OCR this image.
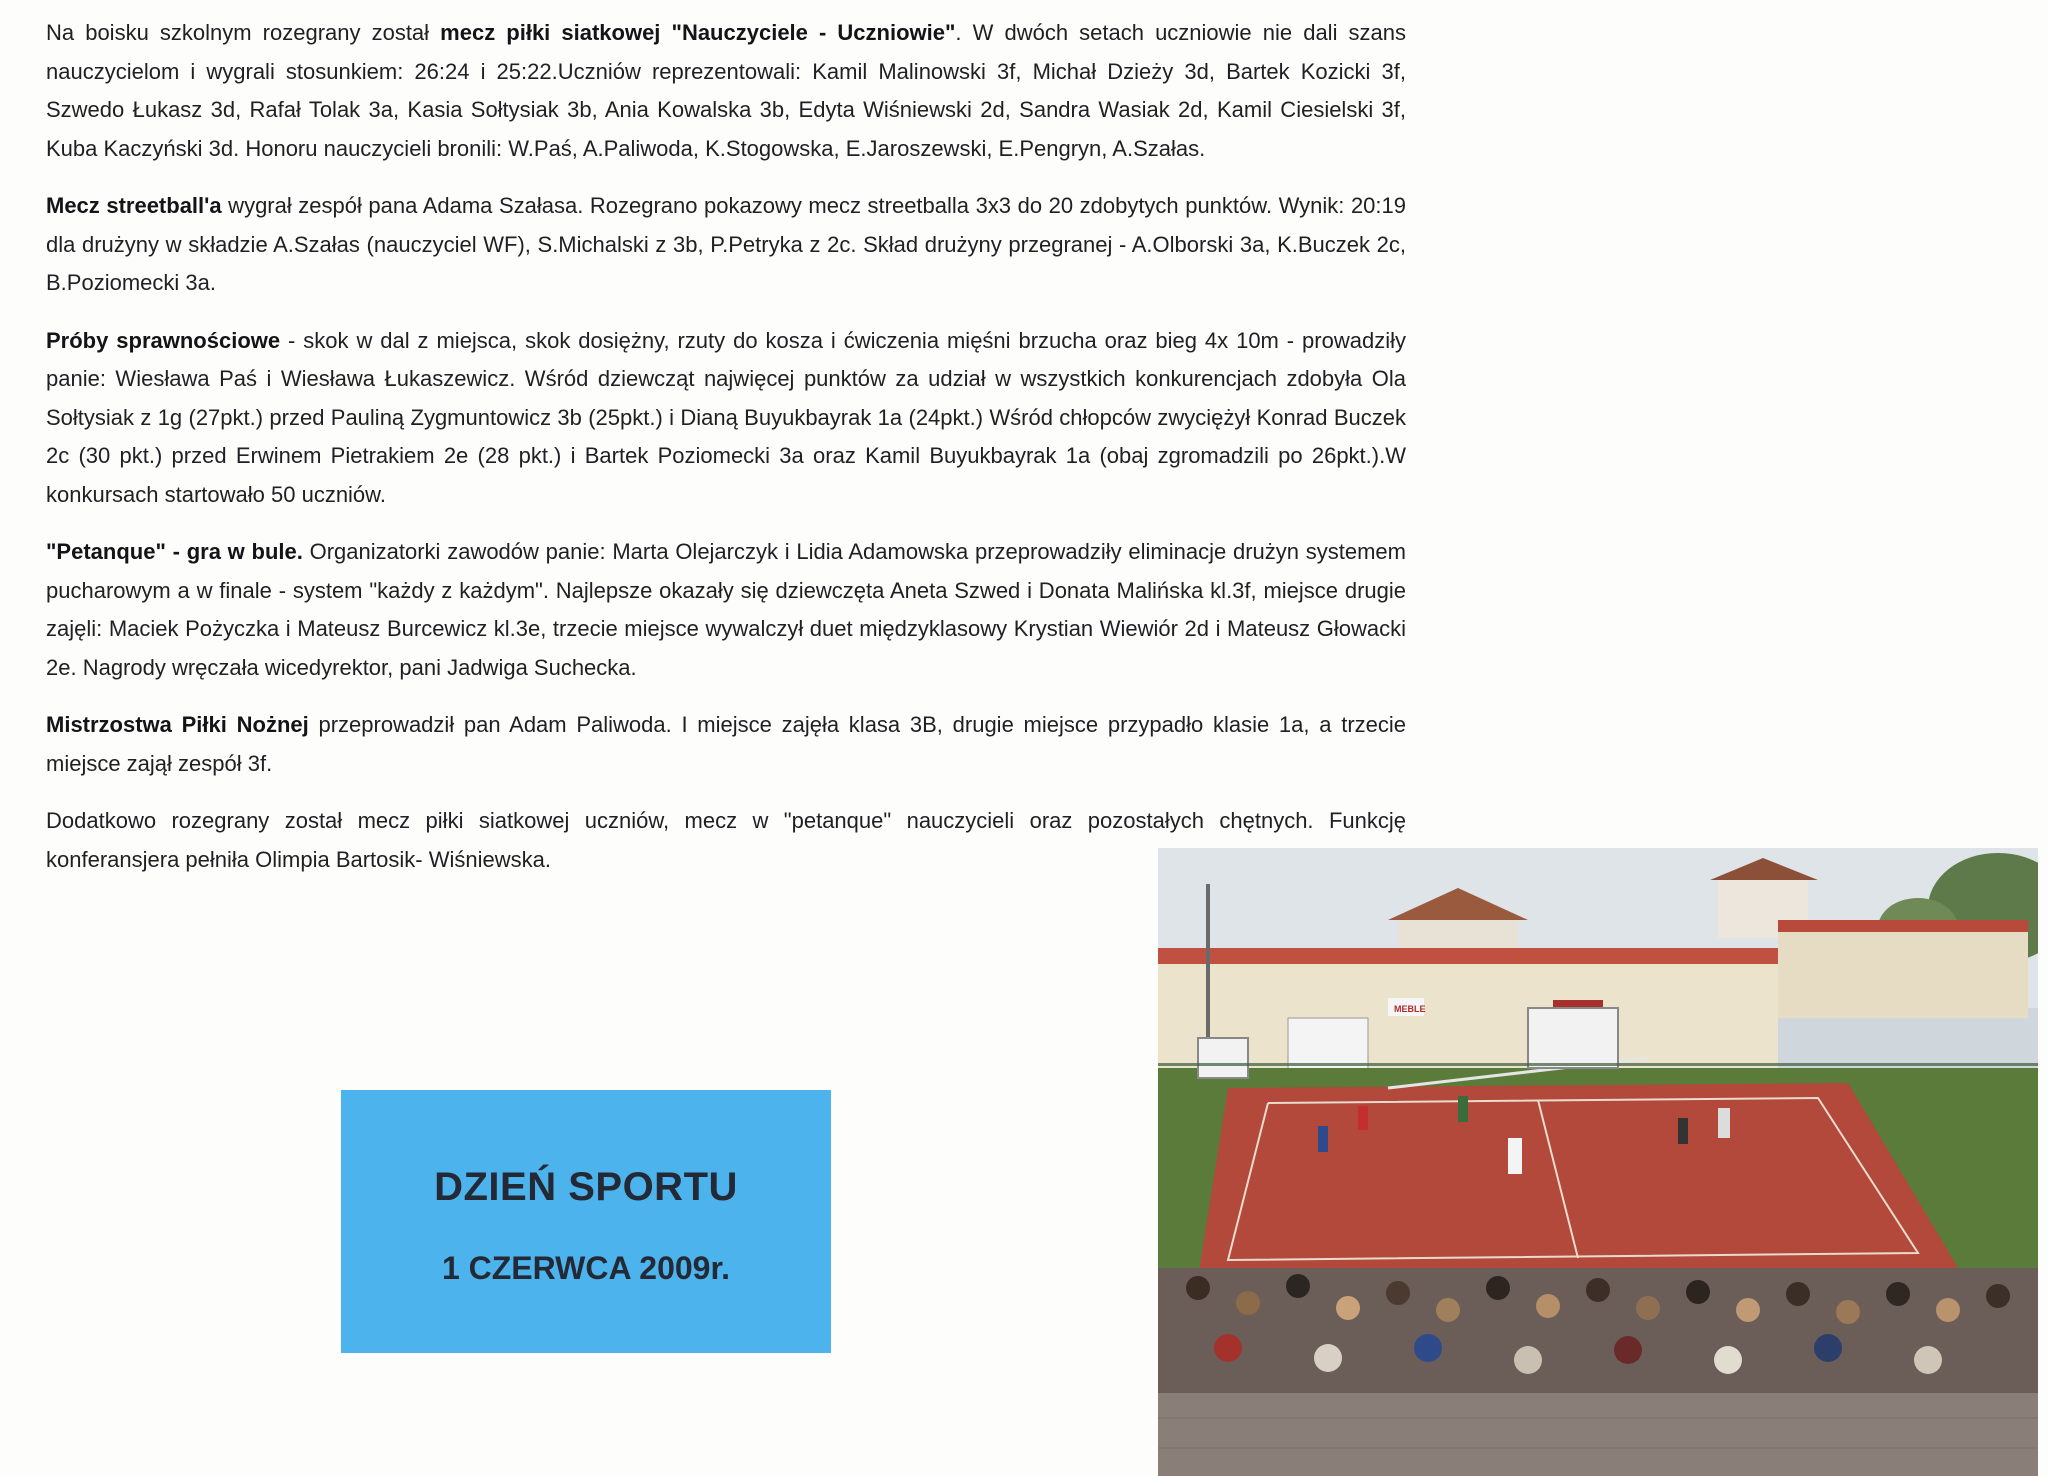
Na boisku szkolnym rozegrany został mecz piłki siatkowej "Nauczyciele - Uczniowie". W dwóch setach uczniowie nie dali szans nauczycielom i wygrali stosunkiem: 26:24 i 25:22.Uczniów reprezentowali: Kamil Malinowski 3f, Michał Dzieży 3d, Bartek Kozicki 3f, Szwedo Łukasz 3d, Rafał Tolak 3a, Kasia Sołtysiak 3b, Ania Kowalska 3b, Edyta Wiśniewski 2d, Sandra Wasiak 2d, Kamil Ciesielski 3f, Kuba Kaczyński 3d. Honoru nauczycieli bronili: W.Paś, A.Paliwoda, K.Stogowska, E.Jaroszewski, E.Pengryn, A.Szałas.

Mecz streetball'a wygrał zespół pana Adama Szałasa. Rozegrano pokazowy mecz streetballa 3x3 do 20 zdobytych punktów. Wynik: 20:19 dla drużyny w składzie A.Szałas (nauczyciel WF), S.Michalski z 3b, P.Petryka z 2c. Skład drużyny przegranej - A.Olborski 3a, K.Buczek 2c, B.Poziomecki 3a.

Próby sprawnościowe - skok w dal z miejsca, skok dosiężny, rzuty do kosza i ćwiczenia mięśni brzucha oraz bieg 4x 10m - prowadziły panie: Wiesława Paś i Wiesława Łukaszewicz. Wśród dziewcząt najwięcej punktów za udział w wszystkich konkurencjach zdobyła Ola Sołtysiak z 1g (27pkt.) przed Pauliną Zygmuntowicz 3b (25pkt.) i Dianą Buyukbayrak 1a (24pkt.) Wśród chłopców zwyciężył Konrad Buczek 2c (30 pkt.) przed Erwinem Pietrakiem 2e (28 pkt.) i Bartek Poziomecki 3a oraz Kamil Buyukbayrak 1a (obaj zgromadzili po 26pkt.).W konkursach startowało 50 uczniów.

"Petanque" - gra w bule. Organizatorki zawodów panie: Marta Olejarczyk i Lidia Adamowska przeprowadziły eliminacje drużyn systemem pucharowym a w finale - system "każdy z każdym". Najlepsze okazały się dziewczęta Aneta Szwed i Donata Malińska kl.3f, miejsce drugie zajęli: Maciek Pożyczka i Mateusz Burcewicz kl.3e, trzecie miejsce wywalczył duet międzyklasowy Krystian Wiewiór 2d i Mateusz Głowacki 2e. Nagrody wręczała wicedyrektor, pani Jadwiga Suchecka.

Mistrzostwa Piłki Nożnej przeprowadził pan Adam Paliwoda. I miejsce zajęła klasa 3B, drugie miejsce przypadło klasie 1a, a trzecie miejsce zajął zespół 3f.

Dodatkowo rozegrany został mecz piłki siatkowej uczniów, mecz w "petanque" nauczycieli oraz pozostałych chętnych. Funkcję konferansjera pełniła Olimpia Bartosik- Wiśniewska.

DZIEŃ SPORTU
1 CZERWCA 2009r.
MEBLE
